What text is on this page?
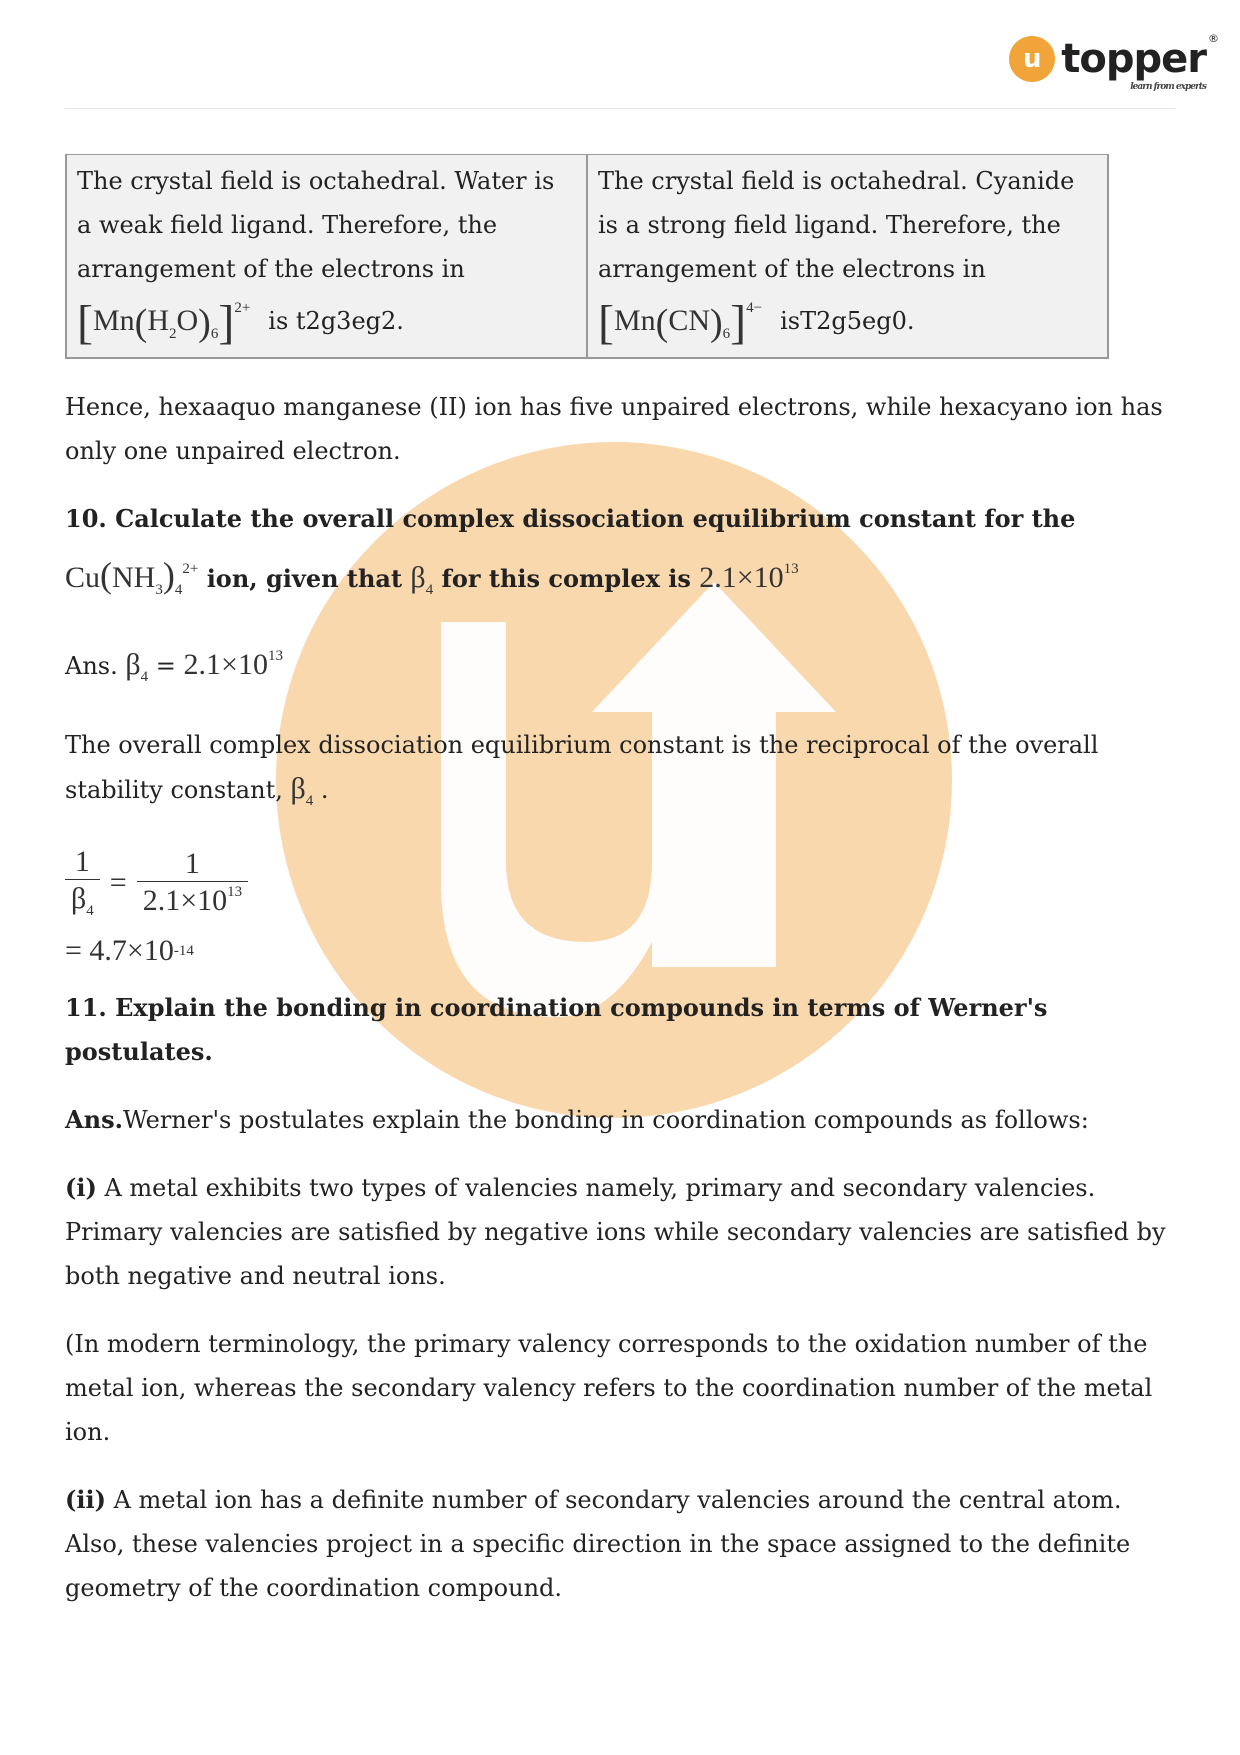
u topper ®
learn from experts
The crystal field is octahedral. Water is a weak field ligand. Therefore, the arrangement of the electrons in
$[Mn(H_2O)_6]^{2+}$ is t2g3eg2.

The crystal field is octahedral. Cyanide is a strong field ligand. Therefore, the arrangement of the electrons in
$[Mn(CN)_6]^{4-}$ isT2g5eg0.

Hence, hexaaquo manganese (II) ion has five unpaired electrons, while hexacyano ion has only one unpaired electron.

10. Calculate the overall complex dissociation equilibrium constant for the

$Cu(NH_3)_4^{2+}$ ion, given that $\beta_4$ for this complex is $2.1\times 10^{13}$

Ans. $\beta_4 = 2.1\times 10^{13}$

The overall complex dissociation equilibrium constant is the reciprocal of the overall stability constant, $\beta_4$ .

$\frac{1}{\beta_4} = \frac{1}{2.1\times 10^{13}}$
= 4.7×10 -14

11. Explain the bonding in coordination compounds in terms of Werner's postulates.

Ans.Werner's postulates explain the bonding in coordination compounds as follows:

(i) A metal exhibits two types of valencies namely, primary and secondary valencies. Primary valencies are satisfied by negative ions while secondary valencies are satisfied by both negative and neutral ions.

(In modern terminology, the primary valency corresponds to the oxidation number of the metal ion, whereas the secondary valency refers to the coordination number of the metal ion.

(ii) A metal ion has a definite number of secondary valencies around the central atom. Also, these valencies project in a specific direction in the space assigned to the definite geometry of the coordination compound.
